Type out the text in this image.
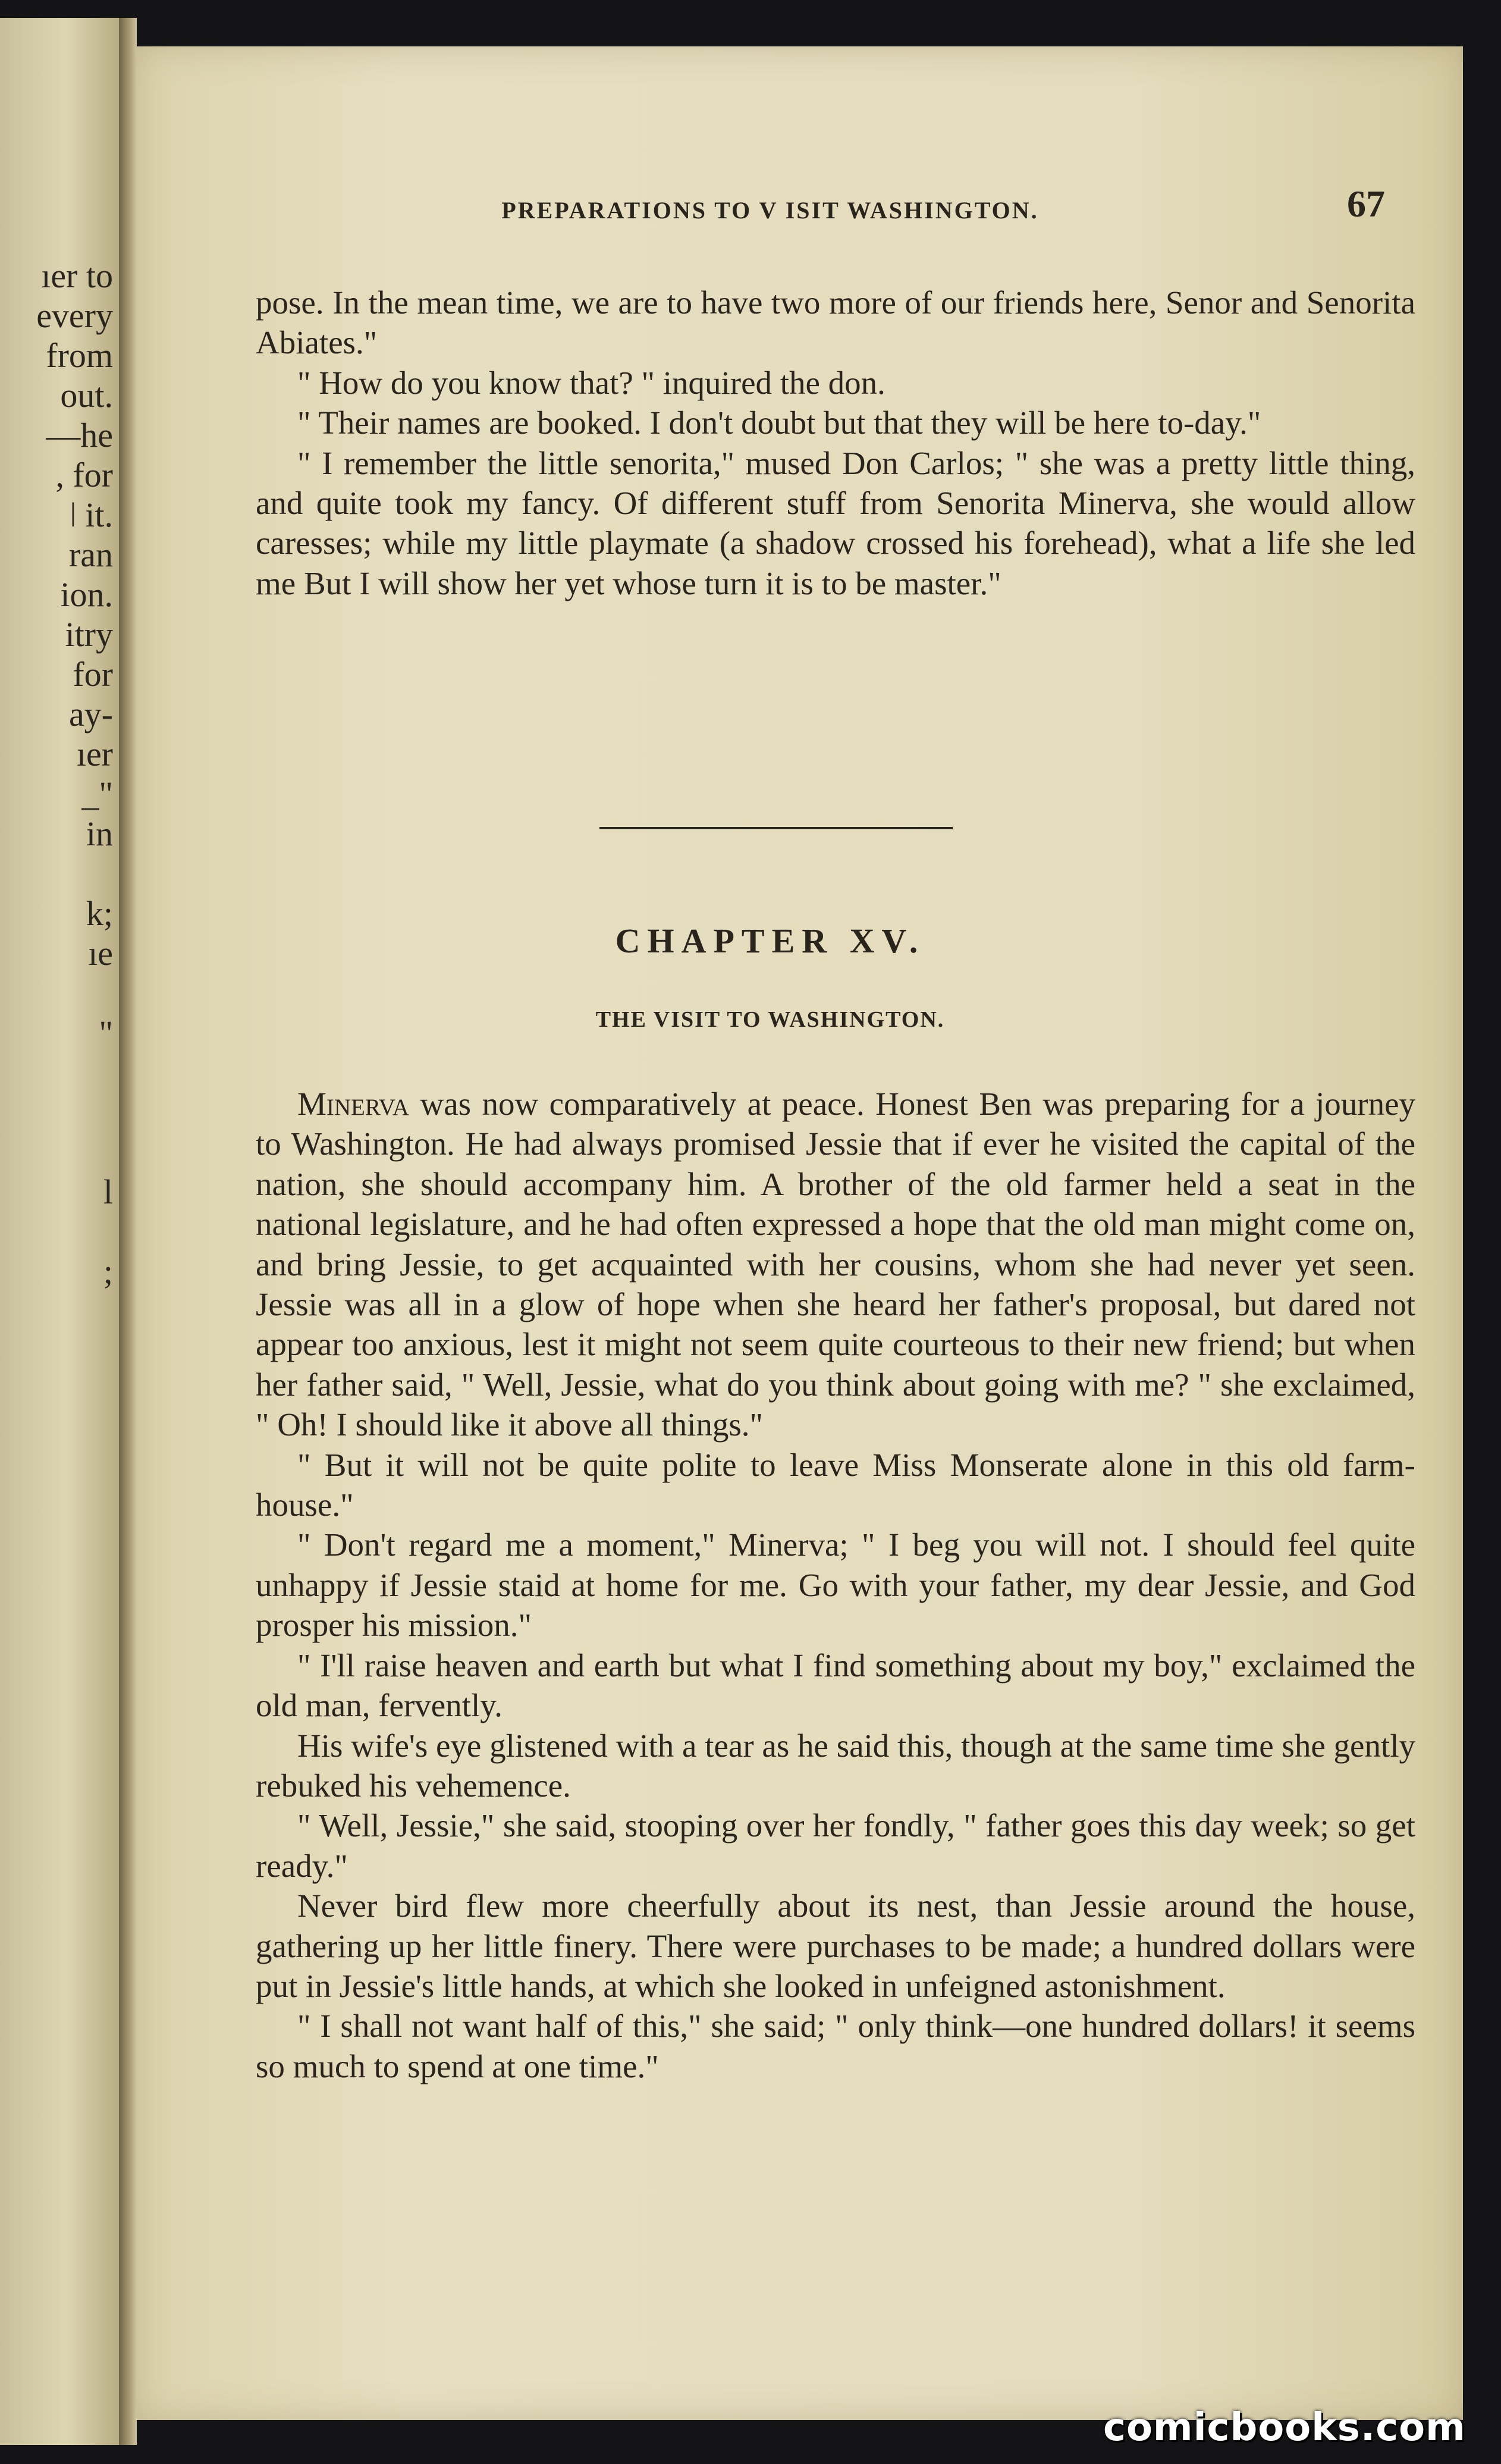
ıer to

every

from

out.

—he

, for

ǀ it.

ran

ion.

itry

for

ay-

ıer

_"

in

k;

ıe

"

l

;

PREPARATIONS TO V ISIT WASHINGTON.	67

pose. In the mean time, we are to have two more of our friends here, Senor and Senorita Abiates."

" How do you know that? " inquired the don.

" Their names are booked. I don't doubt but that they will be here to-day."

" I remember the little senorita," mused Don Carlos; " she was a pretty little thing, and quite took my fancy. Of different stuff from Senorita Minerva, she would allow caresses; while my little playmate (a shadow crossed his forehead), what a life she led me But I will show her yet whose turn it is to be master."

CHAPTER XV.
THE VISIT TO WASHINGTON.

Minerva was now comparatively at peace. Honest Ben was preparing for a journey to Washington. He had always promised Jessie that if ever he visited the capital of the nation, she should accompany him. A brother of the old farmer held a seat in the national legislature, and he had often expressed a hope that the old man might come on, and bring Jessie, to get acquainted with her cousins, whom she had never yet seen. Jessie was all in a glow of hope when she heard her father's proposal, but dared not appear too anxious, lest it might not seem quite courteous to their new friend; but when her father said, " Well, Jessie, what do you think about going with me? " she exclaimed, " Oh! I should like it above all things."

" But it will not be quite polite to leave Miss Monserate alone in this old farm-house."

" Don't regard me a moment," Minerva; " I beg you will not. I should feel quite unhappy if Jessie staid at home for me. Go with your father, my dear Jessie, and God prosper his mission."

" I'll raise heaven and earth but what I find something about my boy," exclaimed the old man, fervently.

His wife's eye glistened with a tear as he said this, though at the same time she gently rebuked his vehemence.

" Well, Jessie," she said, stooping over her fondly, " father goes this day week; so get ready."

Never bird flew more cheerfully about its nest, than Jessie around the house, gathering up her little finery. There were purchases to be made; a hundred dollars were put in Jessie's little hands, at which she looked in unfeigned astonishment.

" I shall not want half of this," she said; " only think—one hundred dollars! it seems so much to spend at one time."

comicbooks.com
